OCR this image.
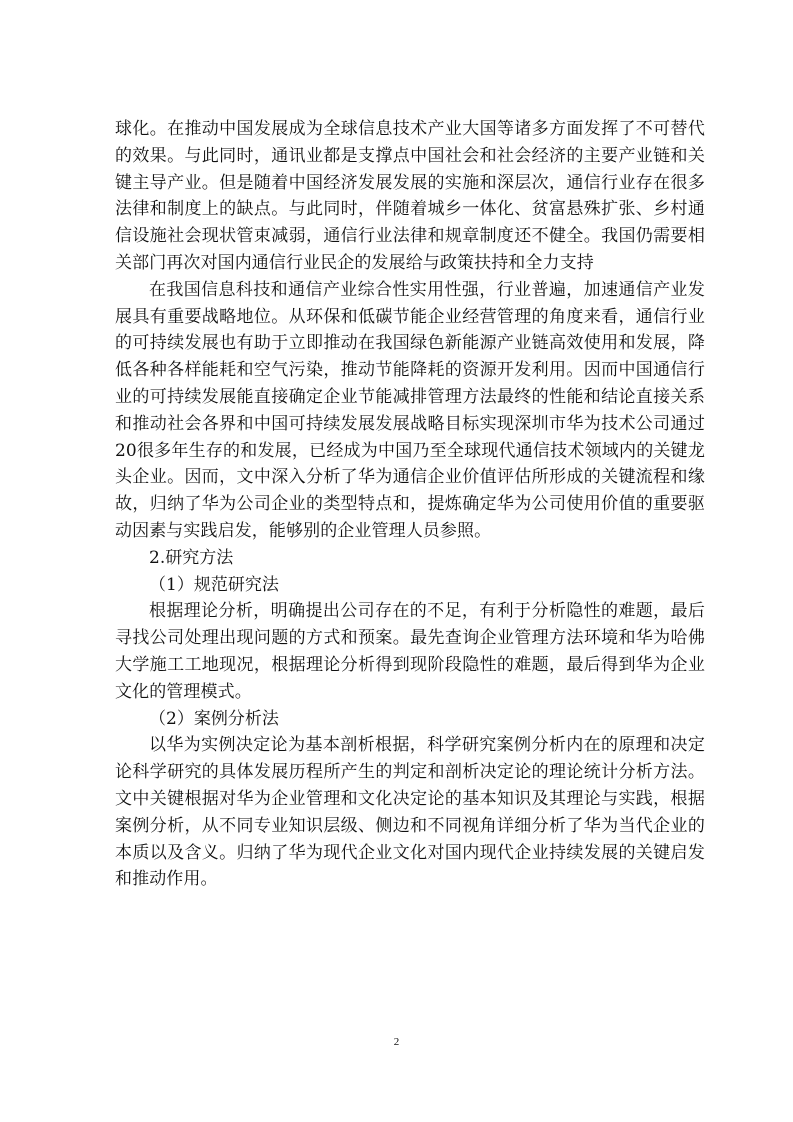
球化。在推动中国发展成为全球信息技术产业大国等诸多方面发挥了不可替代的效果。与此同时，通讯业都是支撑点中国社会和社会经济的主要产业链和关键主导产业。但是随着中国经济发展发展的实施和深层次，通信行业存在很多法律和制度上的缺点。与此同时，伴随着城乡一体化、贫富悬殊扩张、乡村通信设施社会现状管束减弱，通信行业法律和规章制度还不健全。我国仍需要相关部门再次对国内通信行业民企的发展给与政策扶持和全力支持

在我国信息科技和通信产业综合性实用性强，行业普遍，加速通信产业发展具有重要战略地位。从环保和低碳节能企业经营管理的角度来看，通信行业的可持续发展也有助于立即推动在我国绿色新能源产业链高效使用和发展，降低各种各样能耗和空气污染，推动节能降耗的资源开发利用。因而中国通信行业的可持续发展能直接确定企业节能减排管理方法最终的性能和结论直接关系和推动社会各界和中国可持续发展发展战略目标实现深圳市华为技术公司通过20很多年生存的和发展，已经成为中国乃至全球现代通信技术领域内的关键龙头企业。因而，文中深入分析了华为通信企业价值评估所形成的关键流程和缘故，归纳了华为公司企业的类型特点和，提炼确定华为公司使用价值的重要驱动因素与实践启发，能够别的企业管理人员参照。

2.研究方法

（1）规范研究法

根据理论分析，明确提出公司存在的不足，有利于分析隐性的难题，最后寻找公司处理出现问题的方式和预案。最先查询企业管理方法环境和华为哈佛大学施工工地现况，根据理论分析得到现阶段隐性的难题，最后得到华为企业文化的管理模式。

（2）案例分析法

以华为实例决定论为基本剖析根据，科学研究案例分析内在的原理和决定论科学研究的具体发展历程所产生的判定和剖析决定论的理论统计分析方法。文中关键根据对华为企业管理和文化决定论的基本知识及其理论与实践，根据案例分析，从不同专业知识层级、侧边和不同视角详细分析了华为当代企业的本质以及含义。归纳了华为现代企业文化对国内现代企业持续发展的关键启发和推动作用。

2
